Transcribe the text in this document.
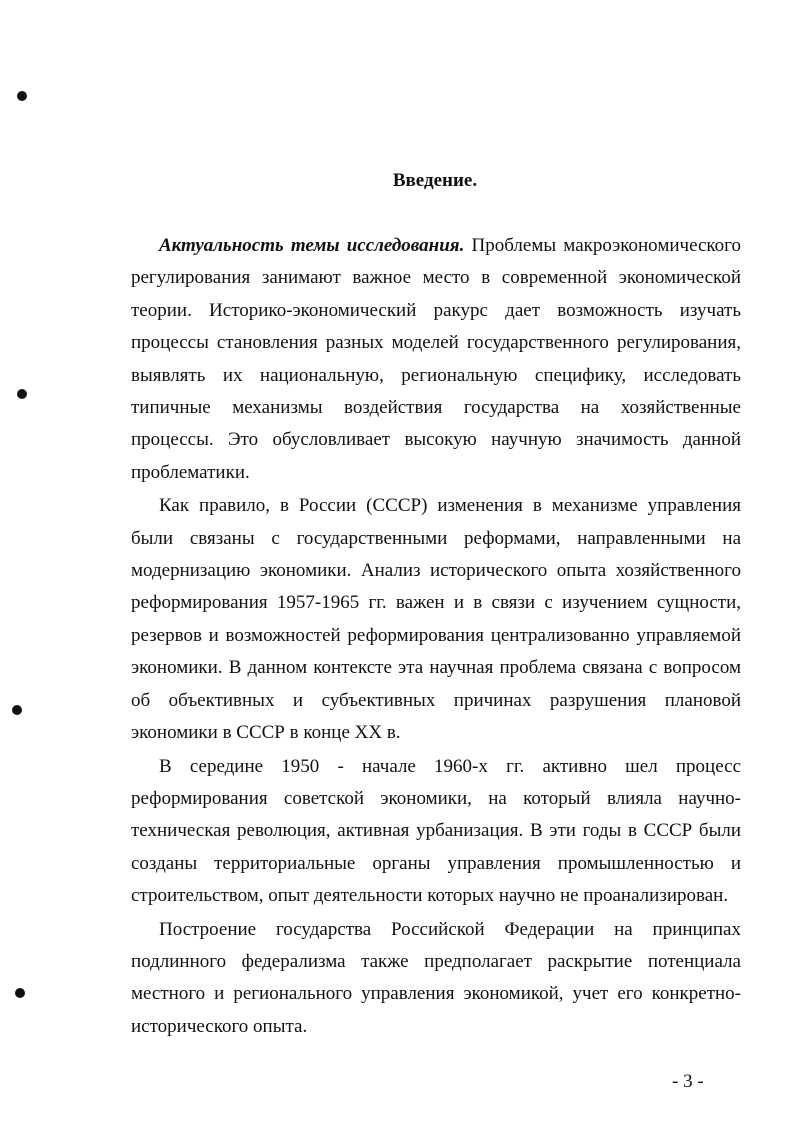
Введение.

Актуальность темы исследования. Проблемы макроэкономического регулирования занимают важное место в современной экономической теории. Историко-экономический ракурс дает возможность изучать процессы становления разных моделей государственного регулирования, выявлять их национальную, региональную специфику, исследовать типичные механизмы воздействия государства на хозяйственные процессы. Это обусловливает высокую научную значимость данной проблематики.

Как правило, в России (СССР) изменения в механизме управления были связаны с государственными реформами, направленными на модернизацию экономики. Анализ исторического опыта хозяйственного реформирования 1957-1965 гг. важен и в связи с изучением сущности, резервов и возможностей реформирования централизованно управляемой экономики. В данном контексте эта научная проблема связана с вопросом об объективных и субъективных причинах разрушения плановой экономики в СССР в конце XX в.

В середине 1950 - начале 1960-х гг. активно шел процесс реформирования советской экономики, на который влияла научно-техническая революция, активная урбанизация. В эти годы в СССР были созданы территориальные органы управления промышленностью и строительством, опыт деятельности которых научно не проанализирован.

Построение государства Российской Федерации на принципах подлинного федерализма также предполагает раскрытие потенциала местного и регионального управления экономикой, учет его конкретно-исторического опыта.

- 3 -
